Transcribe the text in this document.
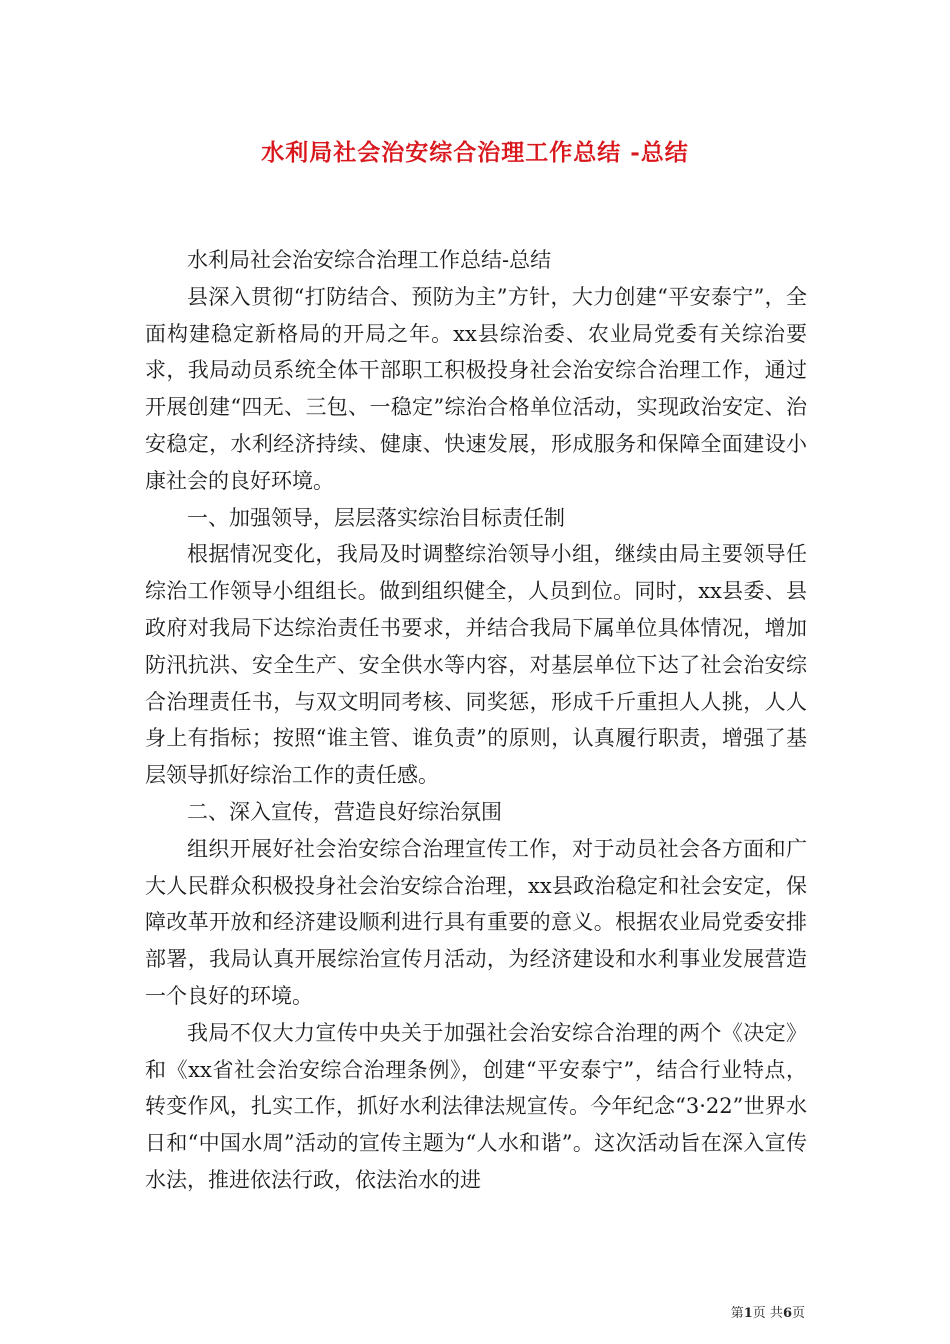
水利局社会治安综合治理工作总结 -总结

水利局社会治安综合治理工作总结-总结

县深入贯彻“打防结合、预防为主”方针，大力创建“平安泰宁”，全面构建稳定新格局的开局之年。xx县综治委、农业局党委有关综治要求，我局动员系统全体干部职工积极投身社会治安综合治理工作，通过开展创建“四无、三包、一稳定”综治合格单位活动，实现政治安定、治安稳定，水利经济持续、健康、快速发展，形成服务和保障全面建设小康社会的良好环境。

一、加强领导，层层落实综治目标责任制

根据情况变化，我局及时调整综治领导小组，继续由局主要领导任综治工作领导小组组长。做到组织健全，人员到位。同时，xx县委、县政府对我局下达综治责任书要求，并结合我局下属单位具体情况，增加防汛抗洪、安全生产、安全供水等内容，对基层单位下达了社会治安综合治理责任书，与双文明同考核、同奖惩，形成千斤重担人人挑，人人身上有指标；按照“谁主管、谁负责”的原则，认真履行职责，增强了基层领导抓好综治工作的责任感。

二、深入宣传，营造良好综治氛围

组织开展好社会治安综合治理宣传工作，对于动员社会各方面和广大人民群众积极投身社会治安综合治理，xx县政治稳定和社会安定，保障改革开放和经济建设顺利进行具有重要的意义。根据农业局党委安排部署，我局认真开展综治宣传月活动，为经济建设和水利事业发展营造一个良好的环境。

我局不仅大力宣传中央关于加强社会治安综合治理的两个《决定》和《xx省社会治安综合治理条例》，创建“平安泰宁”，结合行业特点，转变作风，扎实工作，抓好水利法律法规宣传。今年纪念“3·22”世界水日和“中国水周”活动的宣传主题为“人水和谐”。这次活动旨在深入宣传水法，推进依法行政，依法治水的进

第1页 共6页
